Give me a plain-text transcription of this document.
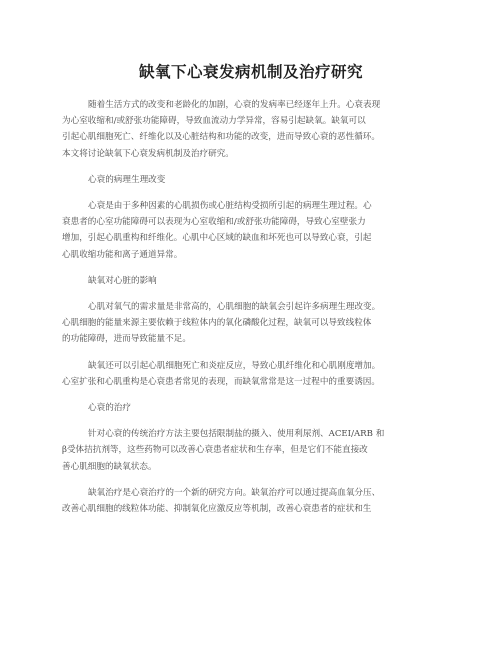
缺氧下心衰发病机制及治疗研究
随着生活方式的改变和老龄化的加剧，心衰的发病率已经逐年上升。心衰表现
为心室收缩和/或舒张功能障碍，导致血流动力学异常，容易引起缺氧。缺氧可以
引起心肌细胞死亡、纤维化以及心脏结构和功能的改变，进而导致心衰的恶性循环。
本文将讨论缺氧下心衰发病机制及治疗研究。
心衰的病理生理改变
心衰是由于多种因素的心肌损伤或心脏结构受损所引起的病理生理过程。心
衰患者的心室功能障碍可以表现为心室收缩和/或舒张功能障碍，导致心室壁张力
增加，引起心肌重构和纤维化。心肌中心区域的缺血和坏死也可以导致心衰，引起
心肌收缩功能和离子通道异常。
缺氧对心脏的影响
心肌对氧气的需求量是非常高的，心肌细胞的缺氧会引起许多病理生理改变。
心肌细胞的能量来源主要依赖于线粒体内的氧化磷酸化过程，缺氧可以导致线粒体
的功能障碍，进而导致能量不足。
缺氧还可以引起心肌细胞死亡和炎症反应，导致心肌纤维化和心肌刚度增加。
心室扩张和心肌重构是心衰患者常见的表现，而缺氧常常是这一过程中的重要诱因。
心衰的治疗
针对心衰的传统治疗方法主要包括限制盐的摄入、使用利尿剂、ACEI/ARB 和
β受体拮抗剂等，这些药物可以改善心衰患者症状和生存率，但是它们不能直接改
善心肌细胞的缺氧状态。
缺氧治疗是心衰治疗的一个新的研究方向。缺氧治疗可以通过提高血氧分压、
改善心肌细胞的线粒体功能、抑制氧化应激反应等机制，改善心衰患者的症状和生
